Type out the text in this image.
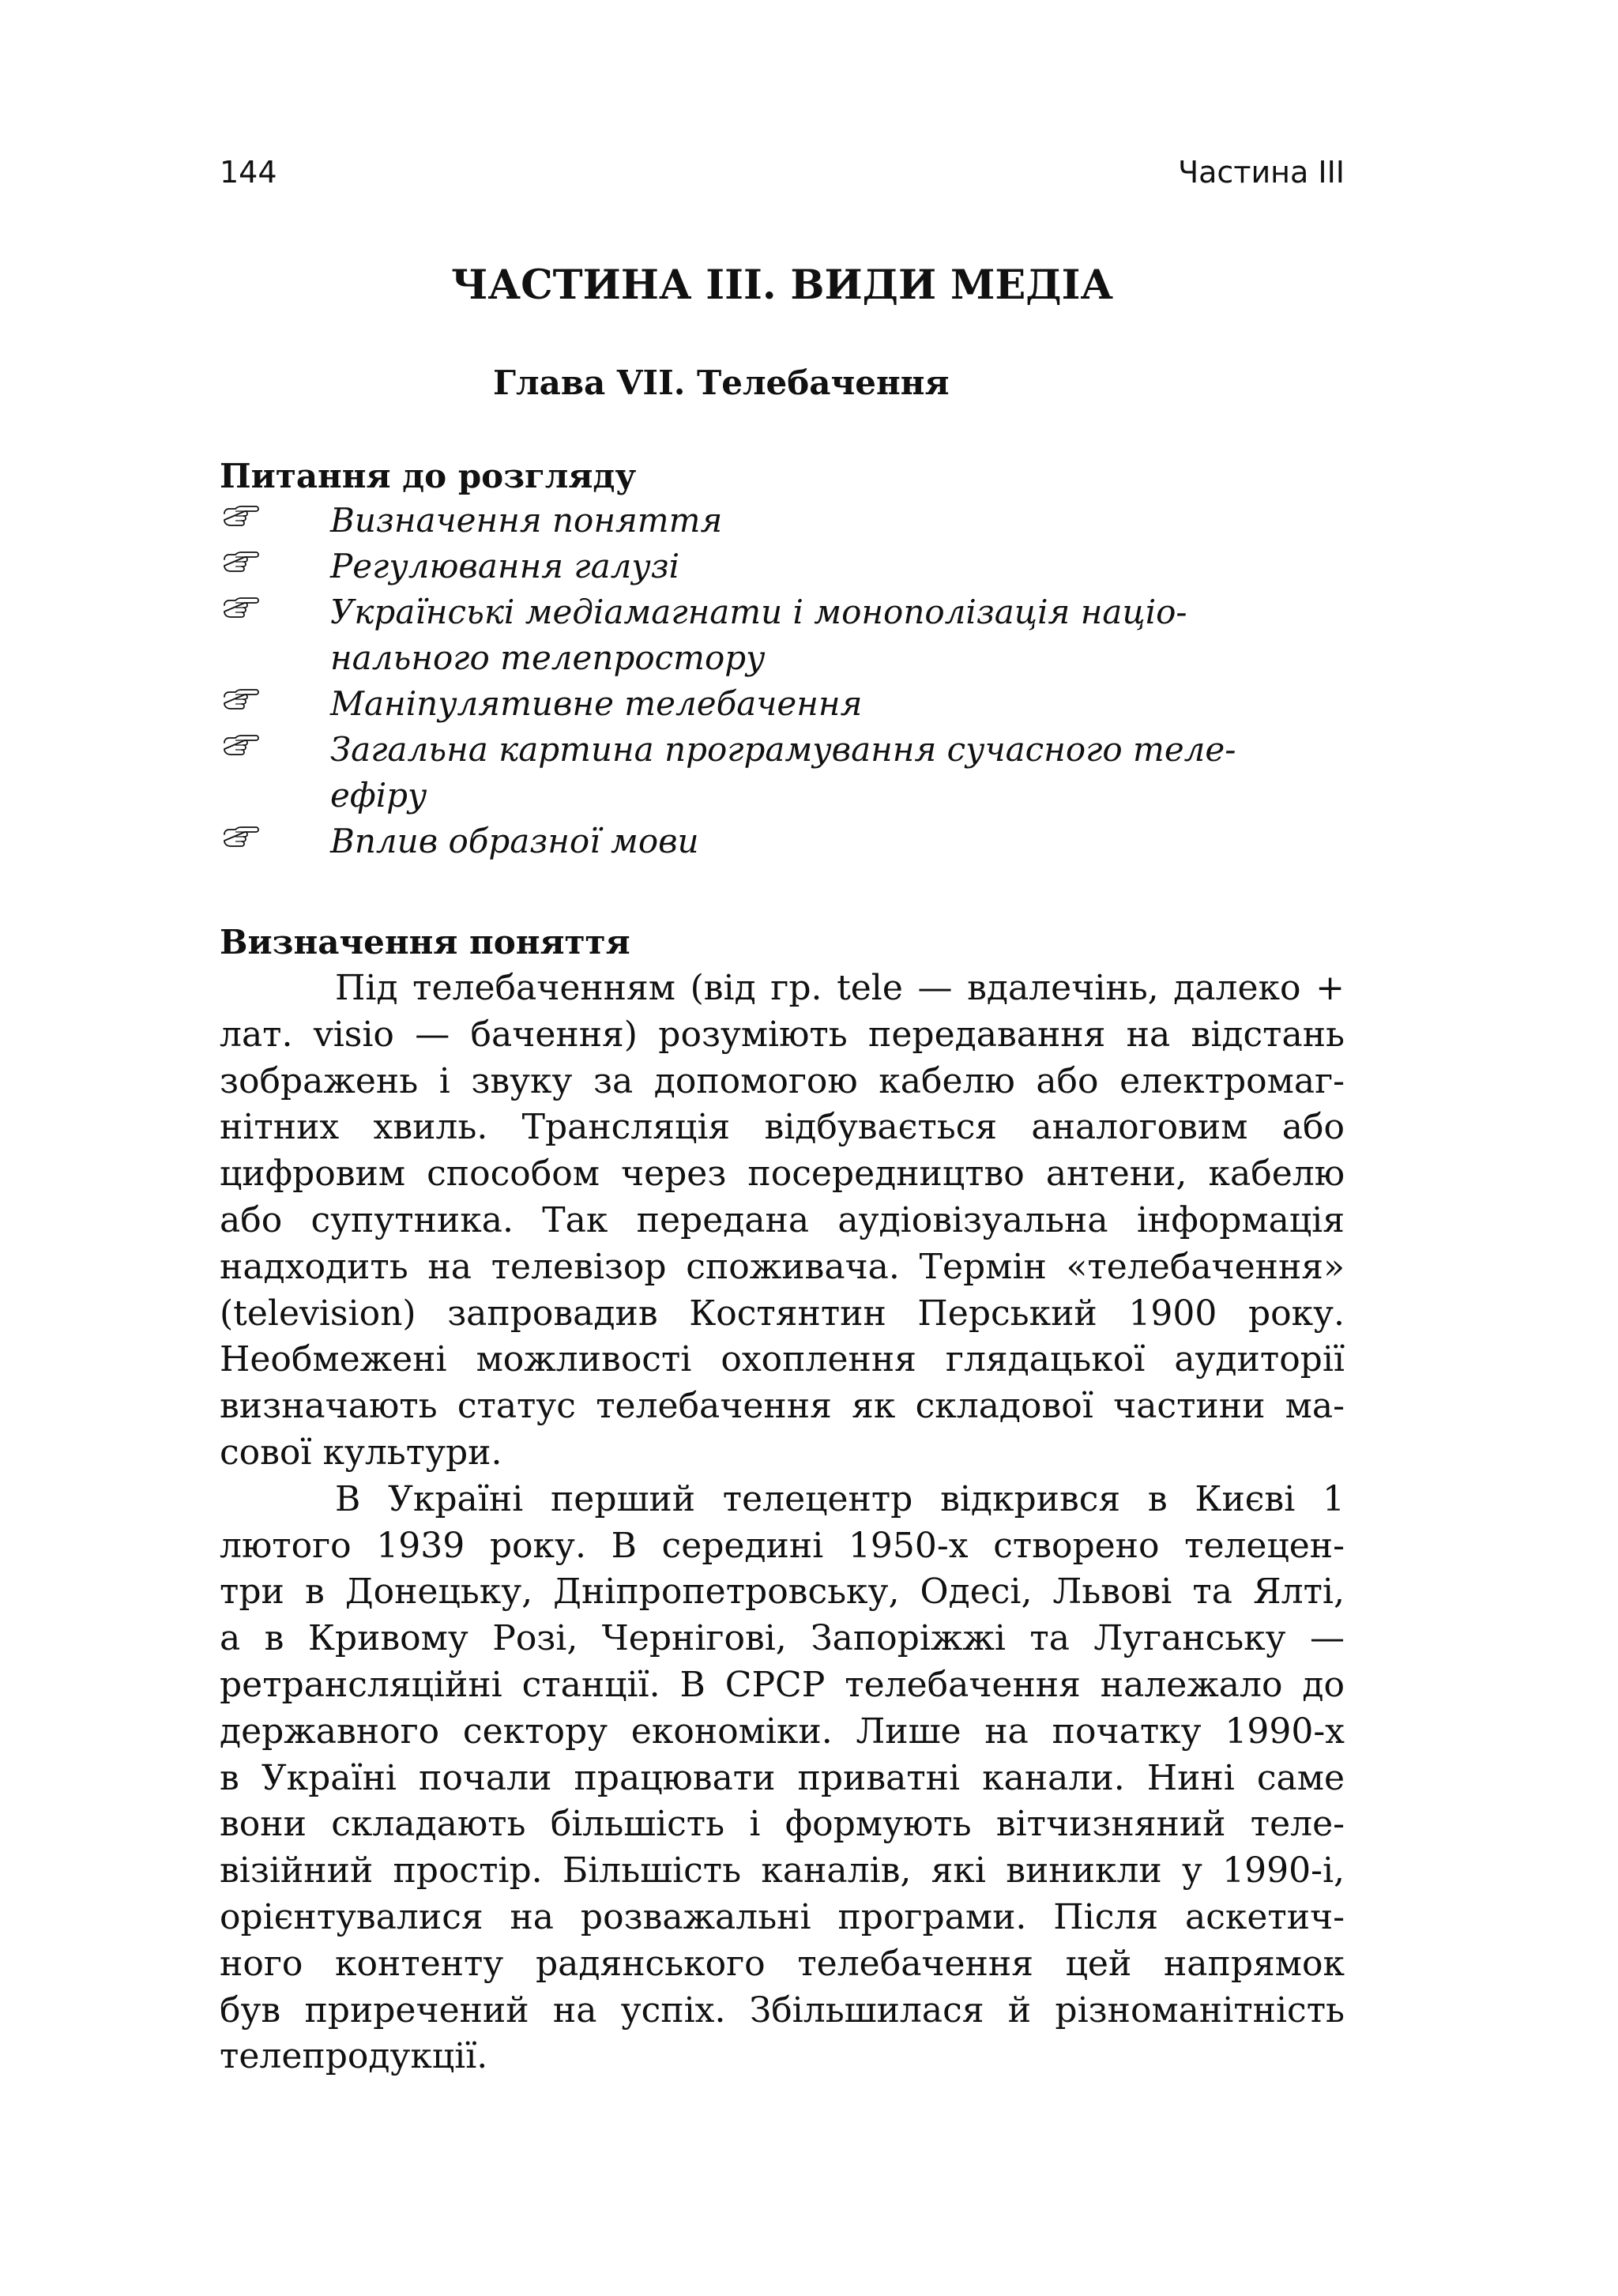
144	Частина III
ЧАСТИНА III. ВИДИ МЕДІА
Глава VII. Телебачення
Питання до розгляду
Визначення поняття
Регулювання галузі
Українські медіамагнати і монополізація націо-
нального телепростору
Маніпулятивне телебачення
Загальна картина програмування сучасного теле-
ефіру
Вплив образної мови
Визначення поняття
Під телебаченням (від гр. tele — вдалечінь, далеко +
лат. visio — бачення) розуміють передавання на відстань
зображень і звуку за допомогою кабелю або електромаг-
нітних хвиль. Трансляція відбувається аналоговим або
цифровим способом через посередництво антени, кабелю
або супутника. Так передана аудіовізуальна інформація
надходить на телевізор споживача. Термін «телебачення»
(television) запровадив Костянтин Перський 1900 року.
Необмежені можливості охоплення глядацької аудиторії
визначають статус телебачення як складової частини ма-
сової культури.
В Україні перший телецентр відкрився в Києві 1
лютого 1939 року. В середині 1950-х створено телецен-
три в Донецьку, Дніпропетровську, Одесі, Львові та Ялті,
а в Кривому Розі, Чернігові, Запоріжжі та Луганську —
ретрансляційні станції. В СРСР телебачення належало до
державного сектору економіки. Лише на початку 1990-х
в Україні почали працювати приватні канали. Нині саме
вони складають більшість і формують вітчизняний теле-
візійний простір. Більшість каналів, які виникли у 1990-і,
орієнтувалися на розважальні програми. Після аскетич-
ного контенту радянського телебачення цей напрямок
був приречений на успіх. Збільшилася й різноманітність
телепродукції.
